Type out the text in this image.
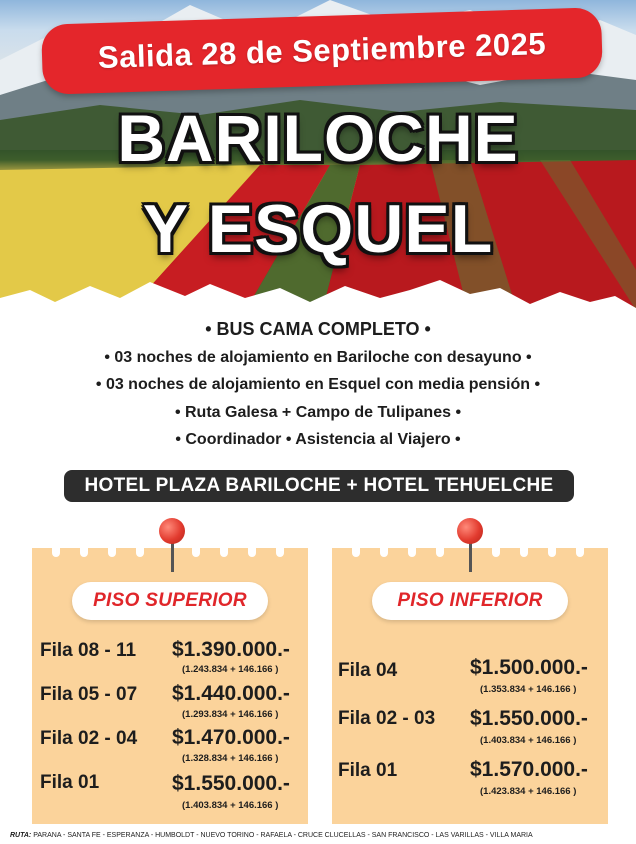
Salida 28 de Septiembre 2025
BARILOCHE
Y ESQUEL
• BUS CAMA COMPLETO •
• 03 noches de alojamiento en Bariloche con desayuno •
• 03 noches de alojamiento en Esquel con media pensión •
• Ruta Galesa + Campo de Tulipanes •
• Coordinador • Asistencia al Viajero •
HOTEL PLAZA BARILOCHE + HOTEL TEHUELCHE
PISO SUPERIOR
Fila 08 - 11 $1.390.000.-
(1.243.834 + 146.166 )
Fila 05 - 07 $1.440.000.-
(1.293.834 + 146.166 )
Fila 02 - 04 $1.470.000.-
(1.328.834 + 146.166 )
Fila 01	$1.550.000.-
(1.403.834 + 146.166 )
PISO INFERIOR
Fila 04	$1.500.000.-
(1.353.834 + 146.166 )
Fila 02 - 03 $1.550.000.-
(1.403.834 + 146.166 )
Fila 01	$1.570.000.-
(1.423.834 + 146.166 )
RUTA: PARANA - SANTA FE - ESPERANZA - HUMBOLDT - NUEVO TORINO - RAFAELA - CRUCE CLUCELLAS - SAN FRANCISCO - LAS VARILLAS - VILLA MARIA
